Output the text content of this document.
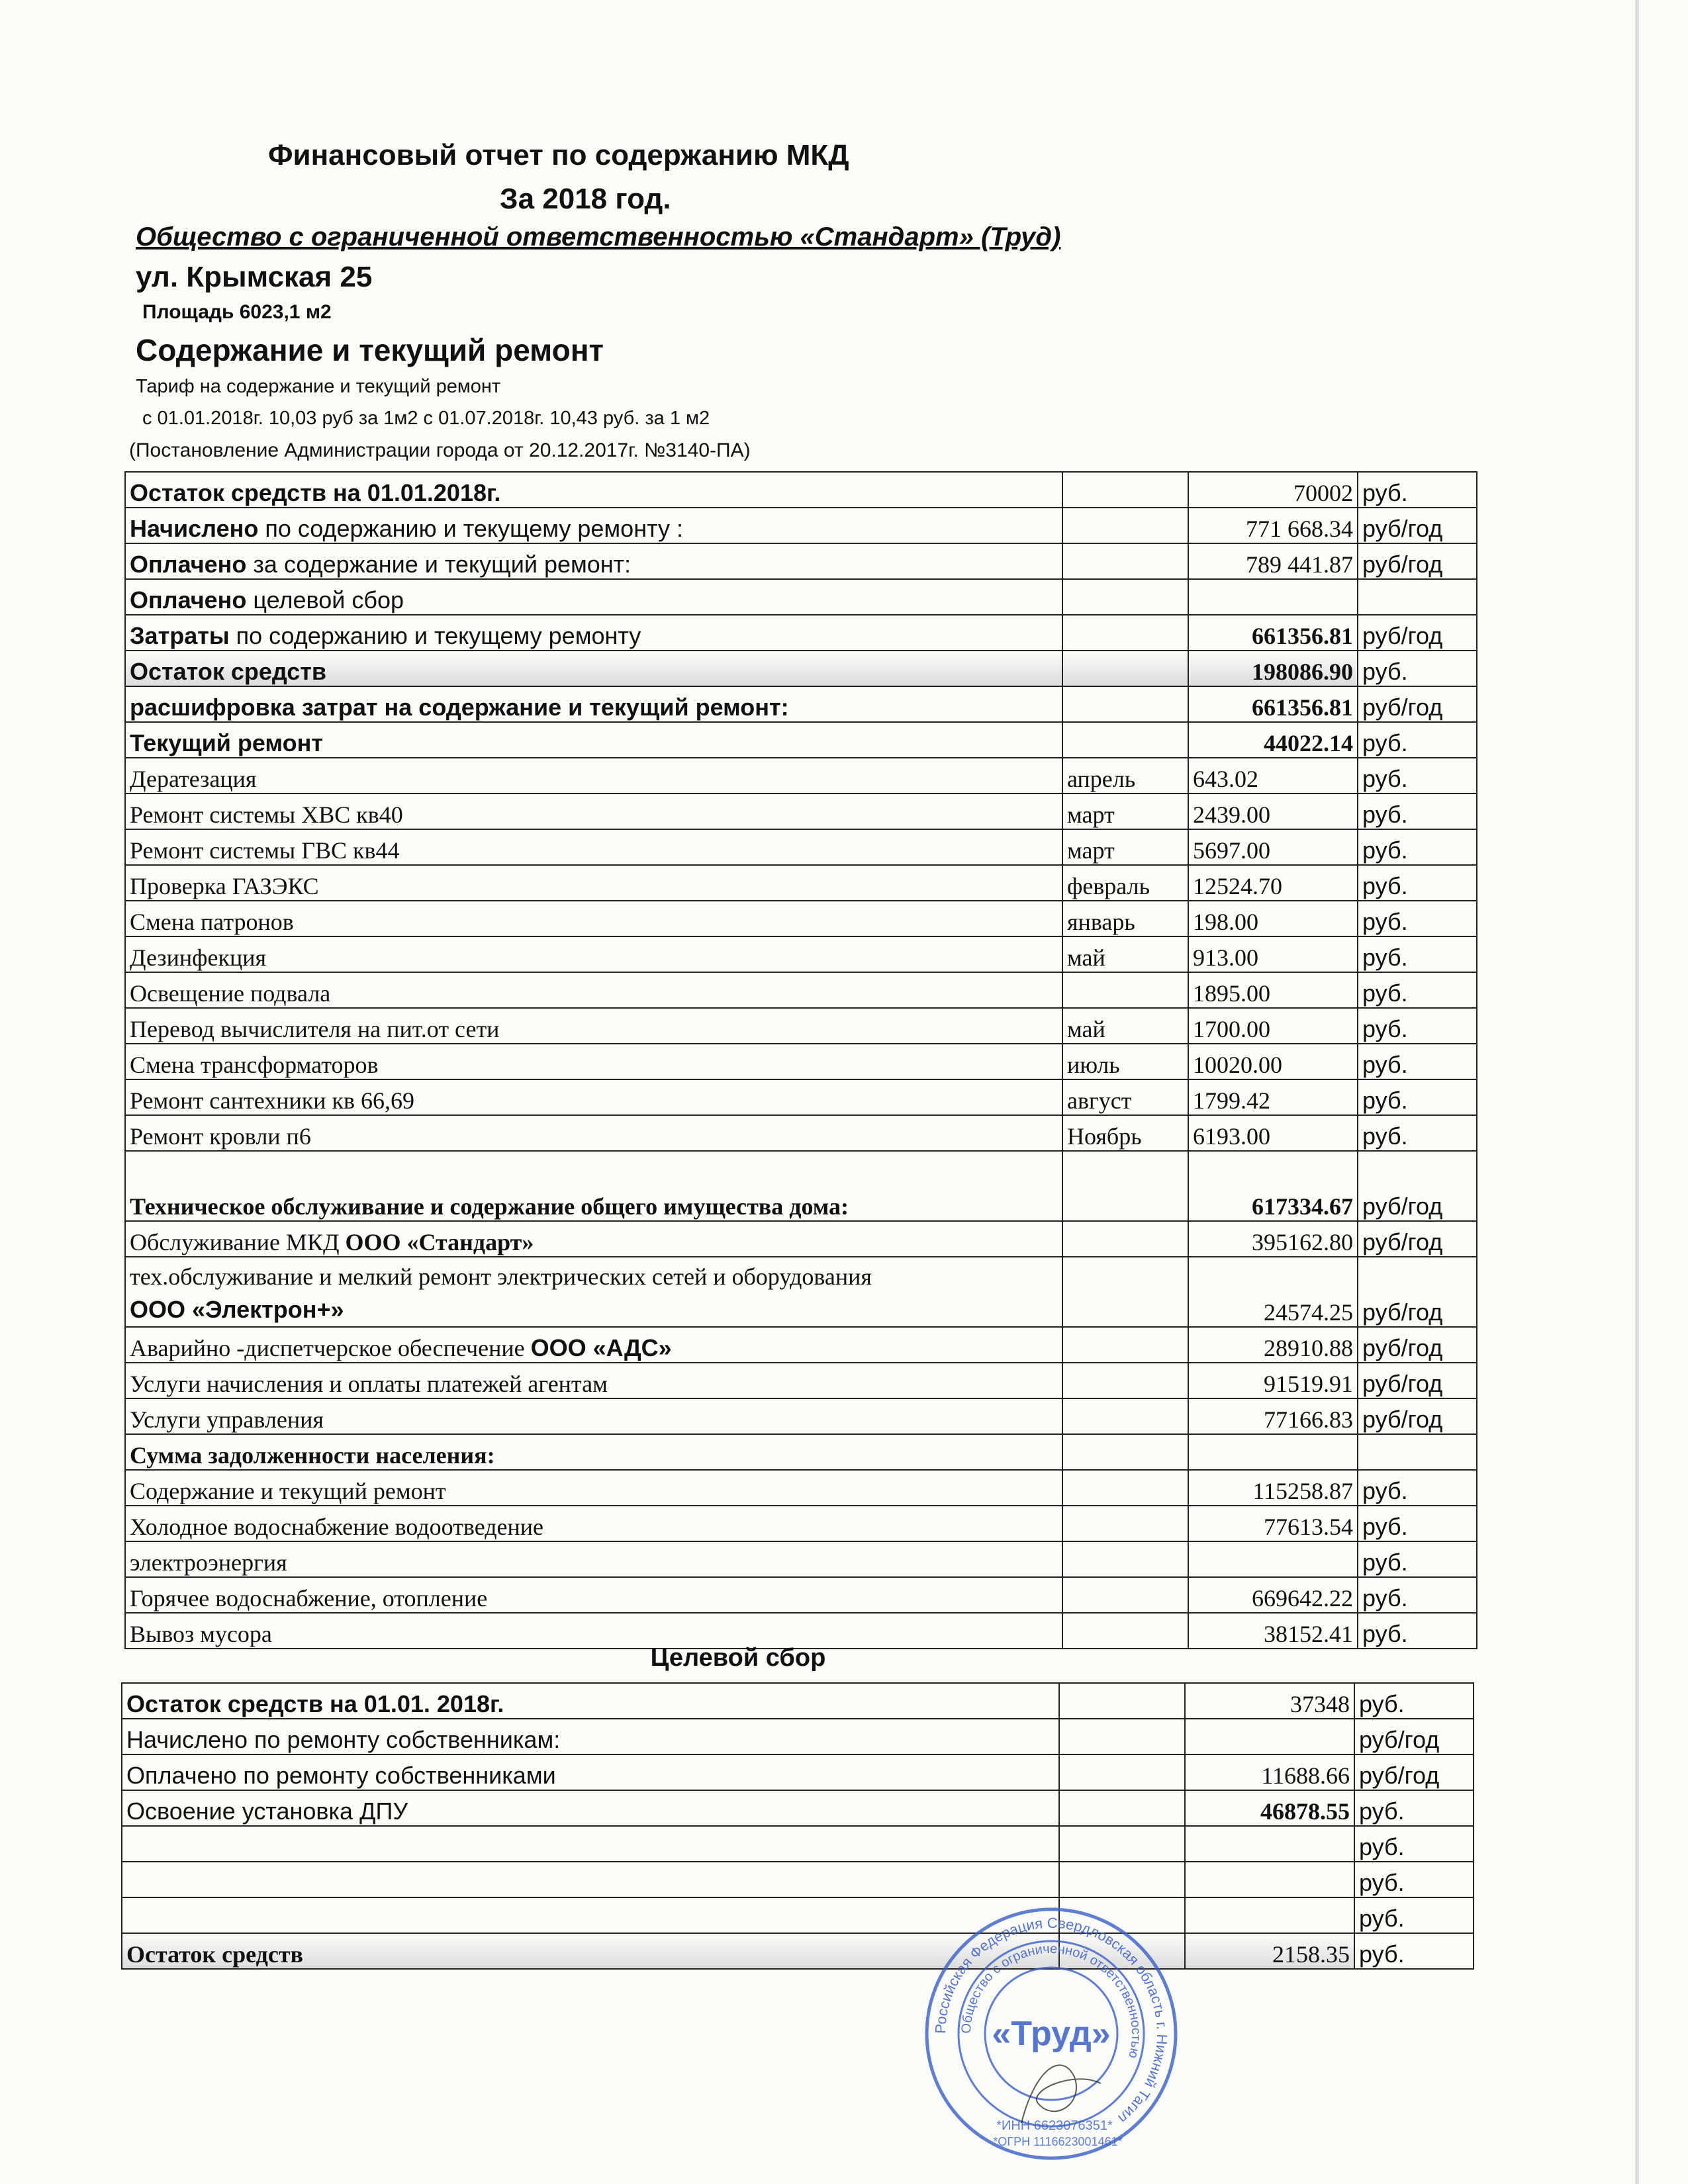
Финансовый отчет по содержанию МКД
За 2018 год.
Общество с ограниченной ответственностью «Стандарт» (Труд)
ул. Крымская 25
Площадь 6023,1 м2
Содержание и текущий ремонт
Тариф на содержание и текущий ремонт
с 01.01.2018г. 10,03 руб за 1м2 с 01.07.2018г. 10,43 руб. за 1 м2
(Постановление Администрации города от 20.12.2017г. №3140-ПА)
Остаток средств на 01.01.2018г.		70002	руб.
Начислено по содержанию и текущему ремонту :		771 668.34	руб/год
Оплачено за содержание и текущий ремонт:		789 441.87	руб/год
Оплачено целевой сбор			
Затраты по содержанию и текущему ремонту		661356.81	руб/год
Остаток средств		198086.90	руб.
расшифровка затрат на содержание и текущий ремонт:		661356.81	руб/год
Текущий ремонт		44022.14	руб.
Дератезация	апрель	643.02	руб.
Ремонт системы ХВС кв40	март	2439.00	руб.
Ремонт системы ГВС кв44	март	5697.00	руб.
Проверка ГАЗЭКС	февраль	12524.70	руб.
Смена патронов	январь	198.00	руб.
Дезинфекция	май	913.00	руб.
Освещение подвала		1895.00	руб.
Перевод вычислителя на пит.от сети	май	1700.00	руб.
Смена трансформаторов	июль	10020.00	руб.
Ремонт сантехники кв 66,69	август	1799.42	руб.
Ремонт кровли п6	Ноябрь	6193.00	руб.
Техническое обслуживание и содержание общего имущества дома:		617334.67	руб/год
Обслуживание МКД ООО «Стандарт»		395162.80	руб/год
тех.обслуживание и мелкий ремонт электрических сетей и оборудования
ООО «Электрон+»		24574.25	руб/год
Аварийно -диспетчерское обеспечение ООО «АДС»		28910.88	руб/год
Услуги начисления и оплаты платежей агентам		91519.91	руб/год
Услуги управления		77166.83	руб/год
Сумма задолженности населения:			
Содержание и текущий ремонт		115258.87	руб.
Холодное водоснабжение водоотведение		77613.54	руб.
электроэнергия			руб.
Горячее водоснабжение, отопление		669642.22	руб.
Вывоз мусора		38152.41	руб.
Целевой сбор
Остаток средств на 01.01. 2018г.		37348	руб.
Начислено по ремонту собственникам:			руб/год
Оплачено по ремонту собственниками		11688.66	руб/год
Освоение установка ДПУ		46878.55	руб.
			руб.
			руб.
			руб.
Остаток средств		2158.35	руб.
Российская Федерация Свердловская область г. Нижний Тагил
Общество с ограниченной ответственностью
«Труд»
*ИНН 6623076351*
*ОГРН 1116623001461*
